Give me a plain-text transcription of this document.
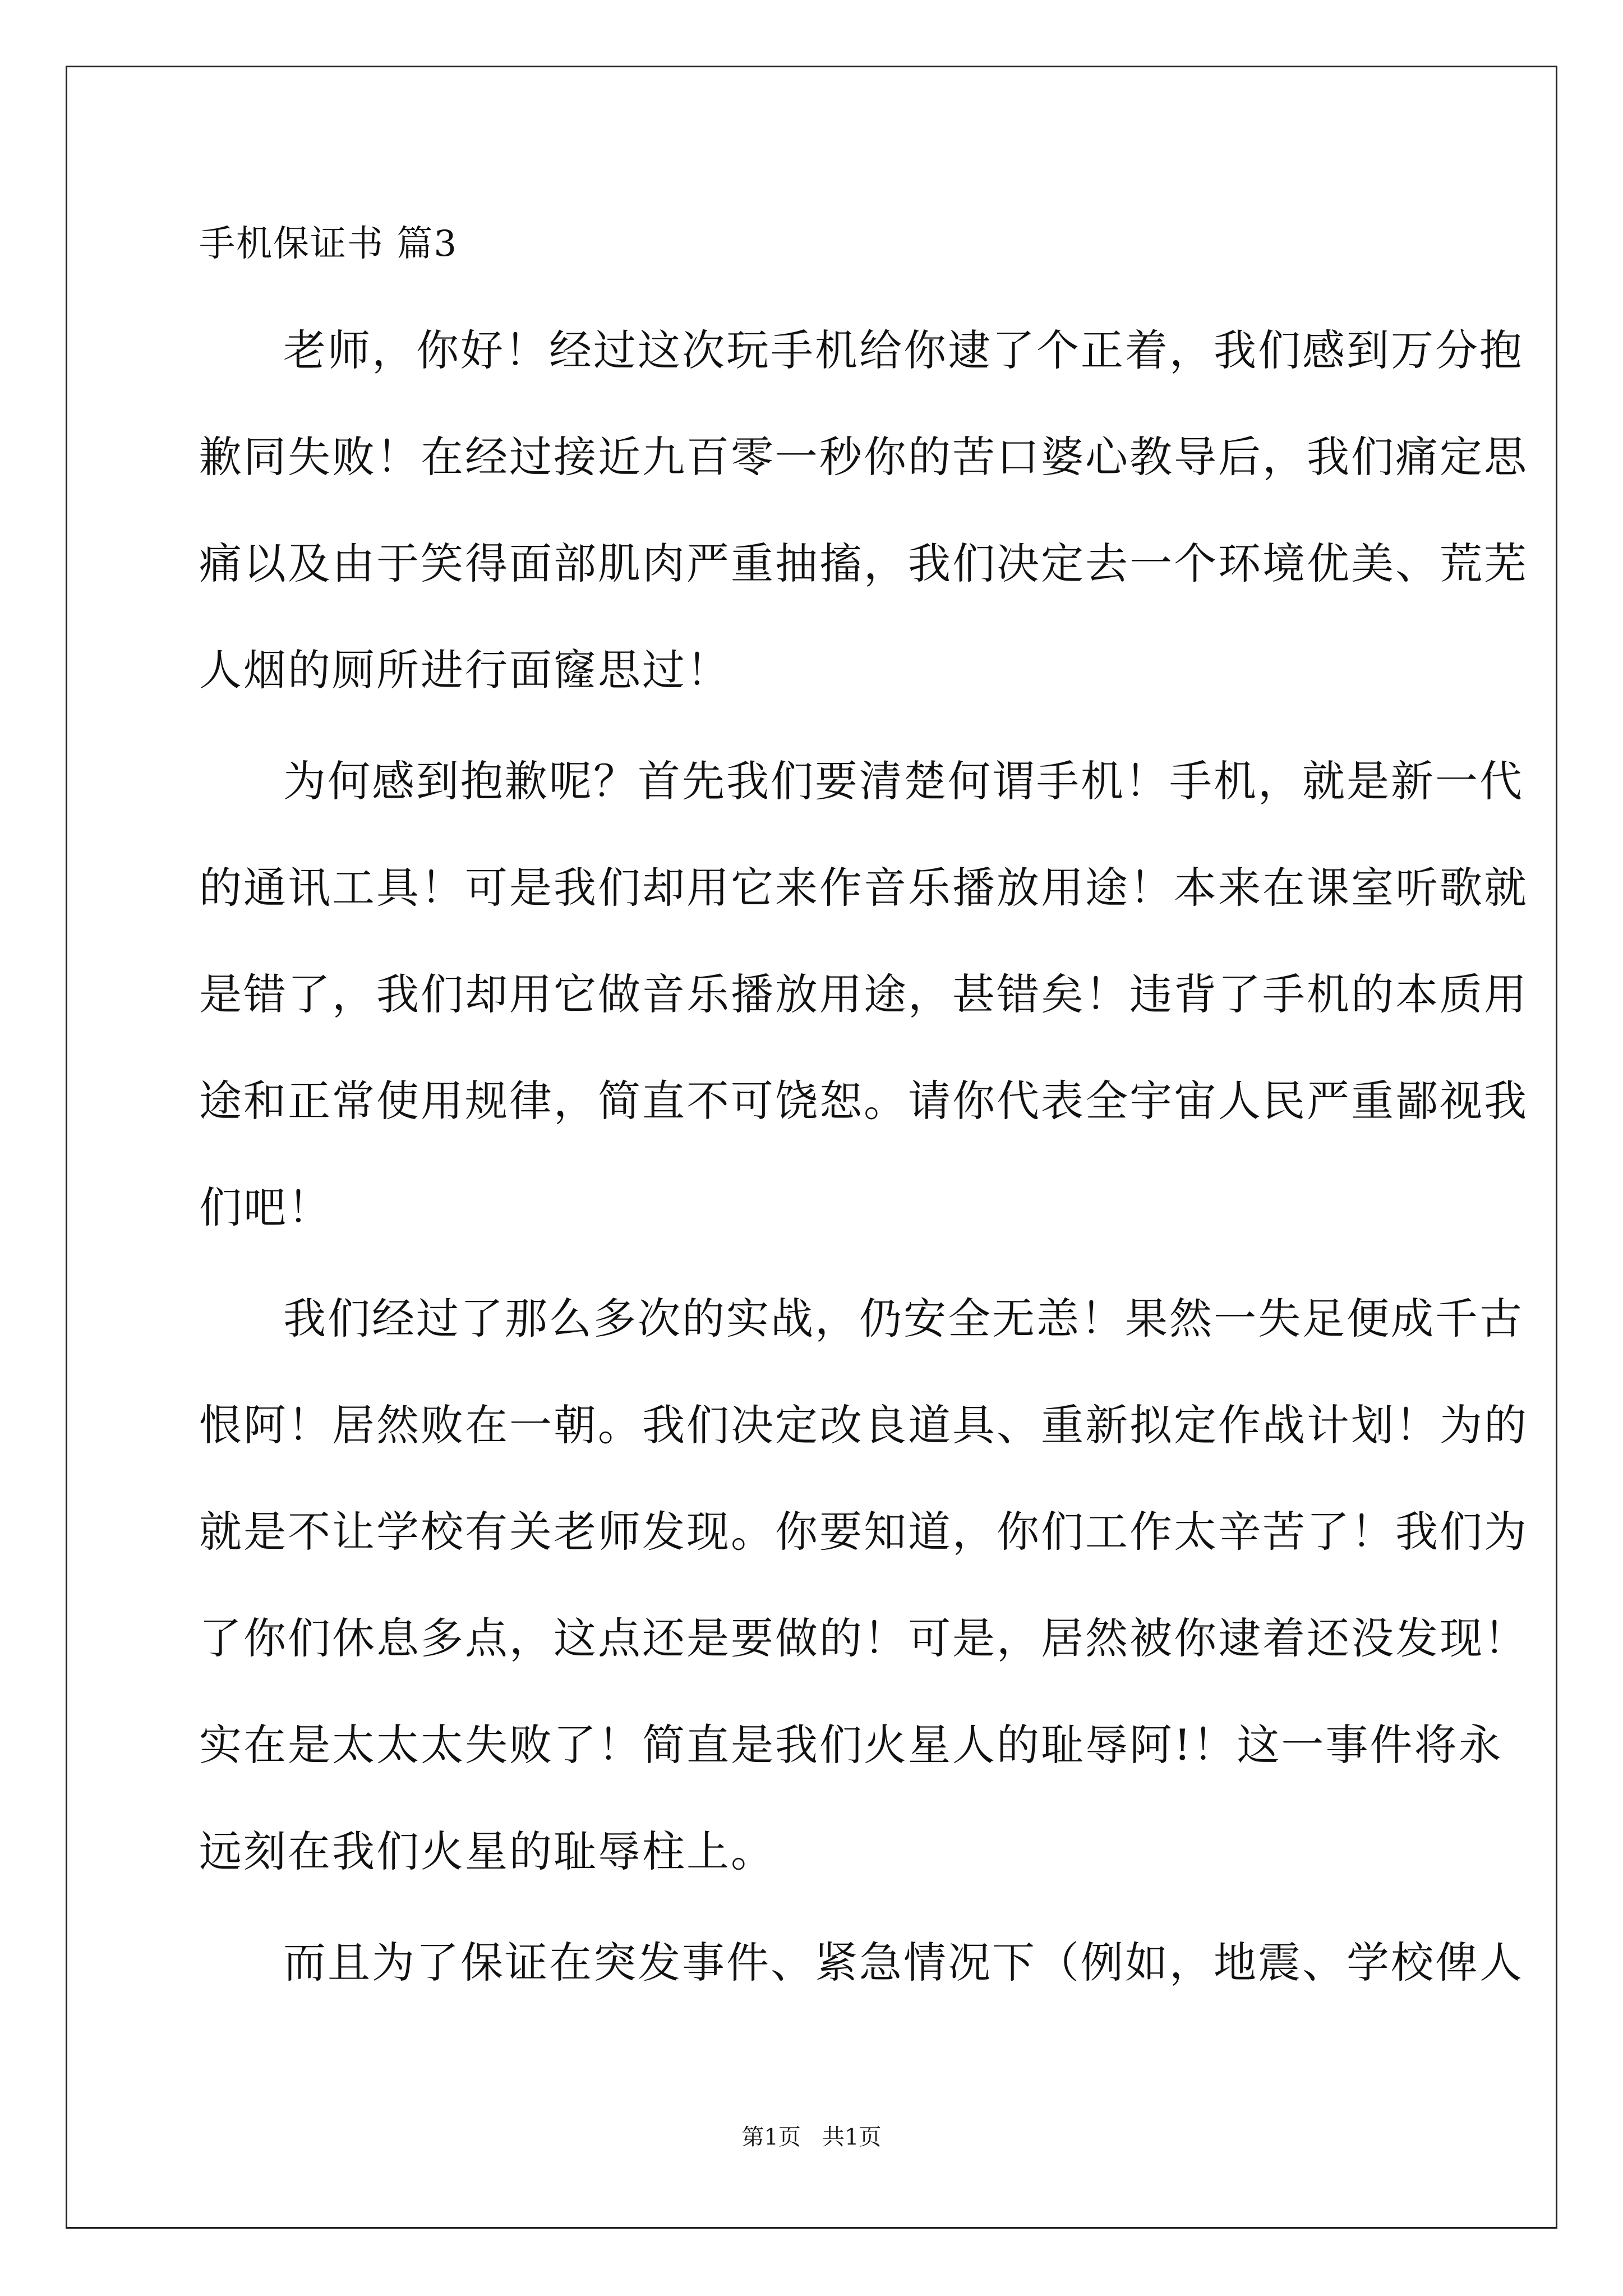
手机保证书 篇3
老师，你好！经过这次玩手机给你逮了个正着，我们感到万分抱
歉同失败！在经过接近九百零一秒你的苦口婆心教导后，我们痛定思
痛以及由于笑得面部肌肉严重抽搐，我们决定去一个环境优美、荒芜
人烟的厕所进行面窿思过！
为何感到抱歉呢？首先我们要清楚何谓手机！手机，就是新一代
的通讯工具！可是我们却用它来作音乐播放用途！本来在课室听歌就
是错了，我们却用它做音乐播放用途，甚错矣！违背了手机的本质用
途和正常使用规律，简直不可饶恕。请你代表全宇宙人民严重鄙视我
们吧！
我们经过了那么多次的实战，仍安全无恙！果然一失足便成千古
恨阿！居然败在一朝。我们决定改良道具、重新拟定作战计划！为的
就是不让学校有关老师发现。你要知道，你们工作太辛苦了！我们为
了你们休息多点，这点还是要做的！可是，居然被你逮着还没发现！
实在是太太太失败了！简直是我们火星人的耻辱阿!！这一事件将永
远刻在我们火星的耻辱柱上。
而且为了保证在突发事件、紧急情况下（例如，地震、学校俾人
第1页   共1页
